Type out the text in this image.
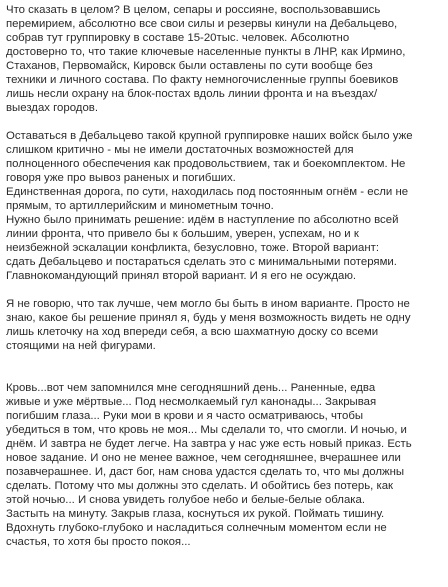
Что сказать в целом? В целом, сепары и россияне, воспользовавшись
перемирием, абсолютно все свои силы и резервы кинули на Дебальцево,
собрав тут группировку в составе 15-20тыс. человек. Абсолютно
достоверно то, что такие ключевые населенные пункты в ЛНР, как Ирмино,
Стаханов, Первомайск, Кировск были оставлены по сути вообще без
техники и личного состава. По факту немногочисленные группы боевиков
лишь несли охрану на блок-постах вдоль линии фронта и на въездах/
выездах городов.
Оставаться в Дебальцево такой крупной группировке наших войск было уже
слишком критично - мы не имели достаточных возможностей для
полноценного обеспечения как продовольствием, так и боекомплектом. Не
говоря уже про вывоз раненых и погибших.
Единственная дорога, по сути, находилась под постоянным огнём - если не
прямым, то артиллерийским и минометным точно.
Нужно было принимать решение: идём в наступление по абсолютно всей
линии фронта, что привело бы к большим, уверен, успехам, но и к
неизбежной эскалации конфликта, безусловно, тоже. Второй вариант:
сдать Дебальцево и постараться сделать это с минимальными потерями.
Главнокомандующий принял второй вариант. И я его не осуждаю.
Я не говорю, что так лучше, чем могло бы быть в ином варианте. Просто не
знаю, какое бы решение принял я, будь у меня возможность видеть не одну
лишь клеточку на ход впереди себя, а всю шахматную доску со всеми
стоящими на ней фигурами.
Кровь...вот чем запомнился мне сегодняшний день... Раненные, едва
живые и уже мёртвые... Под несмолкаемый гул канонады... Закрывая
погибшим глаза... Руки мои в крови и я часто осматриваюсь, чтобы
убедиться в том, что кровь не моя... Мы сделали то, что смогли. И ночью, и
днём. И завтра не будет легче. На завтра у нас уже есть новый приказ. Есть
новое задание. И оно не менее важное, чем сегодняшнее, вчерашнее или
позавчерашнее. И, даст бог, нам снова удастся сделать то, что мы должны
сделать. Потому что мы должны это сделать. И обойтись без потерь, как
этой ночью... И снова увидеть голубое небо и белые-белые облака.
Застыть на минуту. Закрыв глаза, коснуться их рукой. Поймать тишину.
Вдохнуть глубоко-глубоко и насладиться солнечным моментом если не
счастья, то хотя бы просто покоя...
